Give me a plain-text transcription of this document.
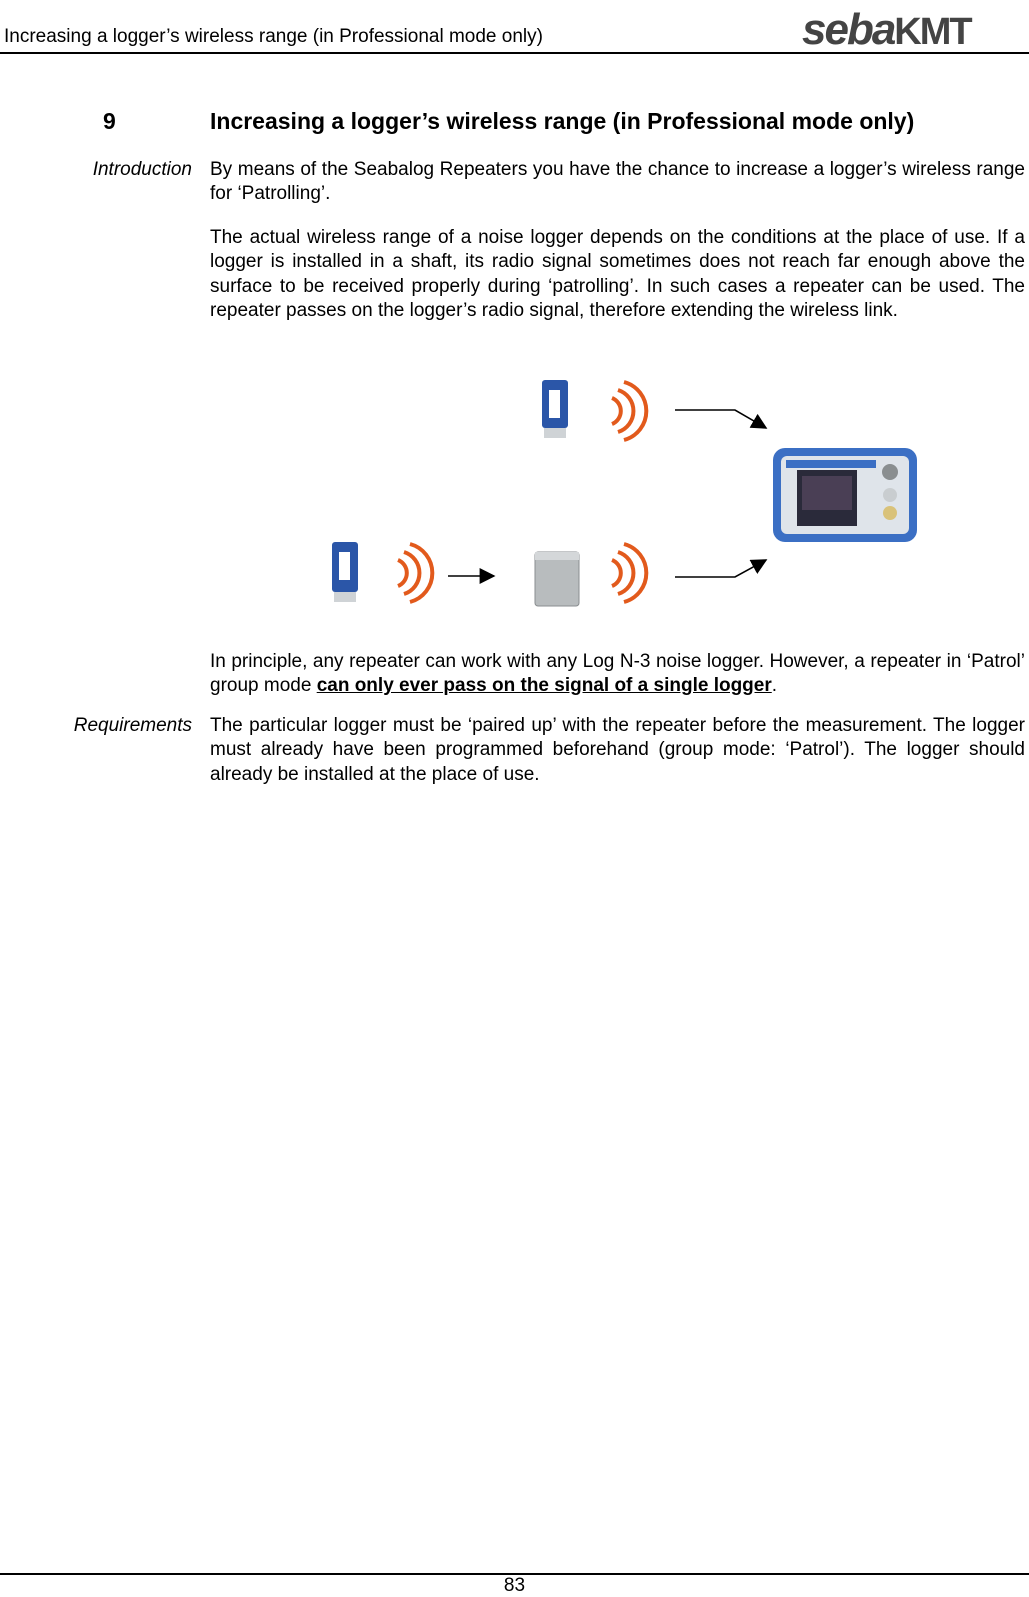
Increasing a logger’s wireless range (in Professional mode only)	sebaKMT
9	Increasing a logger’s wireless range (in Professional mode only)
Introduction By means of the Seabalog Repeaters you have the chance to increase a logger’s wireless range for ‘Patrolling’.
The actual wireless range of a noise logger depends on the conditions at the place of use. If a logger is installed in a shaft, its radio signal sometimes does not reach far enough above the surface to be received properly during ‘patrolling’. In such cases a repeater can be used. The repeater passes on the logger’s radio signal, therefore extending the wireless link.
In principle, any repeater can work with any Log N-3 noise logger. However, a repeater in ‘Patrol’ group mode can only ever pass on the signal of a single logger.
Requirements The particular logger must be ‘paired up’ with the repeater before the measurement. The logger must already have been programmed beforehand (group mode: ‘Patrol’). The logger should already be installed at the place of use.
83
